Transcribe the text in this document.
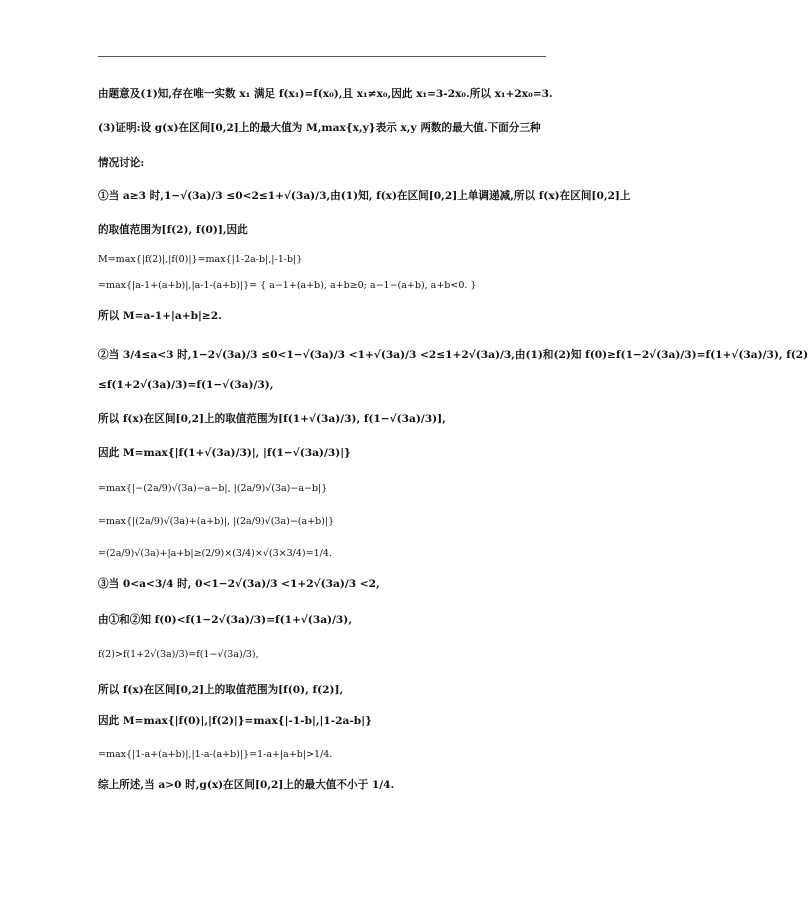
由题意及(1)知,存在唯一实数 x₁ 满足 f(x₁)=f(x₀),且 x₁≠x₀,因此 x₁=3-2x₀.所以 x₁+2x₀=3.
(3)证明:设 g(x)在区间[0,2]上的最大值为 M,max{x,y}表示 x,y 两数的最大值.下面分三种
情况讨论:
①当 a≥3 时,1−√(3a)/3 ≤0<2≤1+√(3a)/3,由(1)知, f(x)在区间[0,2]上单调递减,所以 f(x)在区间[0,2]上
的取值范围为[f(2), f(0)],因此
M=max{|f(2)|,|f(0)|}=max{|1-2a-b|,|-1-b|}
=max{|a-1+(a+b)|,|a-1-(a+b)|}= { a−1+(a+b), a+b≥0; a−1−(a+b), a+b<0. }
所以 M=a-1+|a+b|≥2.
②当 3/4≤a<3 时,1−2√(3a)/3 ≤0<1−√(3a)/3 <1+√(3a)/3 <2≤1+2√(3a)/3,由(1)和(2)知 f(0)≥f(1−2√(3a)/3)=f(1+√(3a)/3), f(2)
≤f(1+2√(3a)/3)=f(1−√(3a)/3),
所以 f(x)在区间[0,2]上的取值范围为[f(1+√(3a)/3), f(1−√(3a)/3)],
因此 M=max{|f(1+√(3a)/3)|, |f(1−√(3a)/3)|}
=max{|−(2a/9)√(3a)−a−b|, |(2a/9)√(3a)−a−b|}
=max{|(2a/9)√(3a)+(a+b)|, |(2a/9)√(3a)−(a+b)|}
=(2a/9)√(3a)+|a+b|≥(2/9)×(3/4)×√(3×3/4)=1/4.
③当 0<a<3/4 时, 0<1−2√(3a)/3 <1+2√(3a)/3 <2,
由①和②知 f(0)<f(1−2√(3a)/3)=f(1+√(3a)/3),
f(2)>f(1+2√(3a)/3)=f(1−√(3a)/3),
所以 f(x)在区间[0,2]上的取值范围为[f(0), f(2)],
因此 M=max{|f(0)|,|f(2)|}=max{|-1-b|,|1-2a-b|}
=max{|1-a+(a+b)|,|1-a-(a+b)|}=1-a+|a+b|>1/4.
综上所述,当 a>0 时,g(x)在区间[0,2]上的最大值不小于 1/4.
